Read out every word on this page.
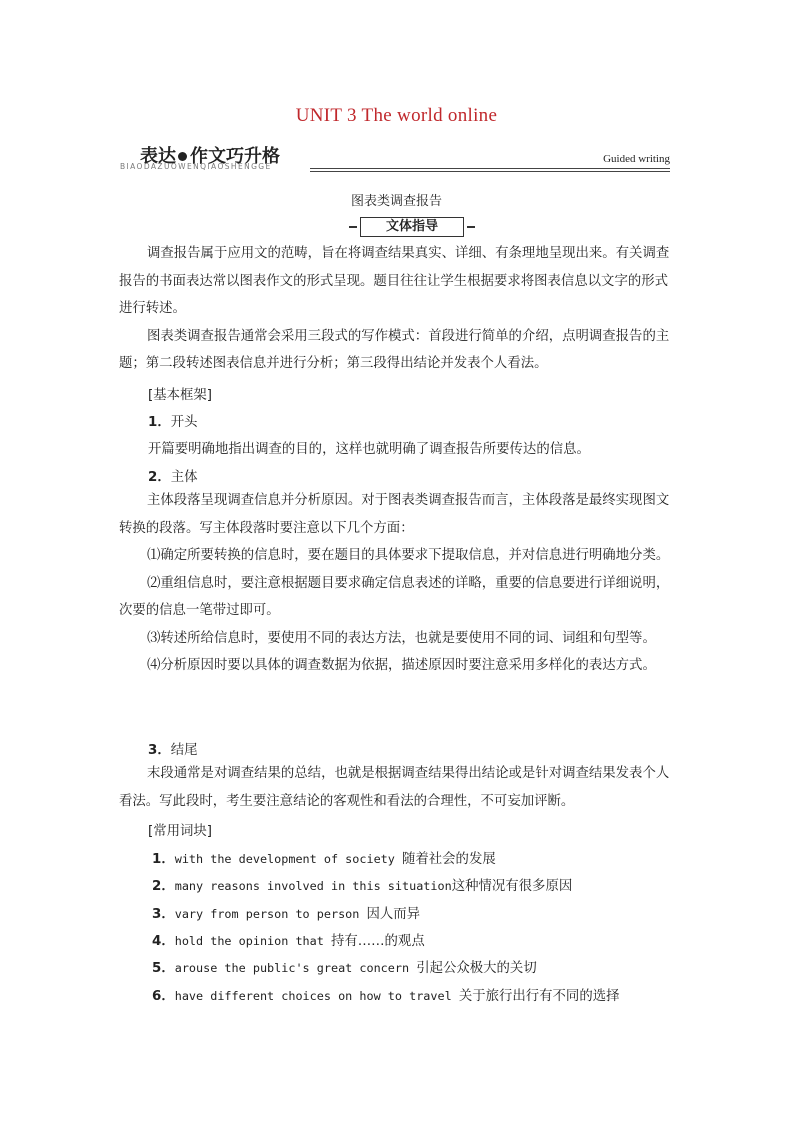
UNIT 3 The world online
表达 作文巧升格
BIAODAZUOWENQIAOSHENGGE
Guided writing
图表类调查报告
文体指导

调查报告属于应用文的范畴，旨在将调查结果真实、详细、有条理地呈现出来。有关调查报告的书面表达常以图表作文的形式呈现。题目往往让学生根据要求将图表信息以文字的形式进行转述。

图表类调查报告通常会采用三段式的写作模式：首段进行简单的介绍，点明调查报告的主题；第二段转述图表信息并进行分析；第三段得出结论并发表个人看法。

[基本框架]
1．开头
开篇要明确地指出调查的目的，这样也就明确了调查报告所要传达的信息。
2．主体

主体段落呈现调查信息并分析原因。对于图表类调查报告而言，主体段落是最终实现图文转换的段落。写主体段落时要注意以下几个方面：

⑴确定所要转换的信息时，要在题目的具体要求下提取信息，并对信息进行明确地分类。

⑵重组信息时，要注意根据题目要求确定信息表述的详略，重要的信息要进行详细说明，次要的信息一笔带过即可。

⑶转述所给信息时，要使用不同的表达方法，也就是要使用不同的词、词组和句型等。

⑷分析原因时要以具体的调查数据为依据，描述原因时要注意采用多样化的表达方式。

3．结尾

末段通常是对调查结果的总结，也就是根据调查结果得出结论或是针对调查结果发表个人看法。写此段时，考生要注意结论的客观性和看法的合理性，不可妄加评断。

[常用词块]
1．with the development of society 随着社会的发展
2．many reasons involved in this situation这种情况有很多原因
3．vary from person to person 因人而异
4．hold the opinion that 持有……的观点
5．arouse the public's great concern 引起公众极大的关切
6．have different choices on how to travel 关于旅行出行有不同的选择
